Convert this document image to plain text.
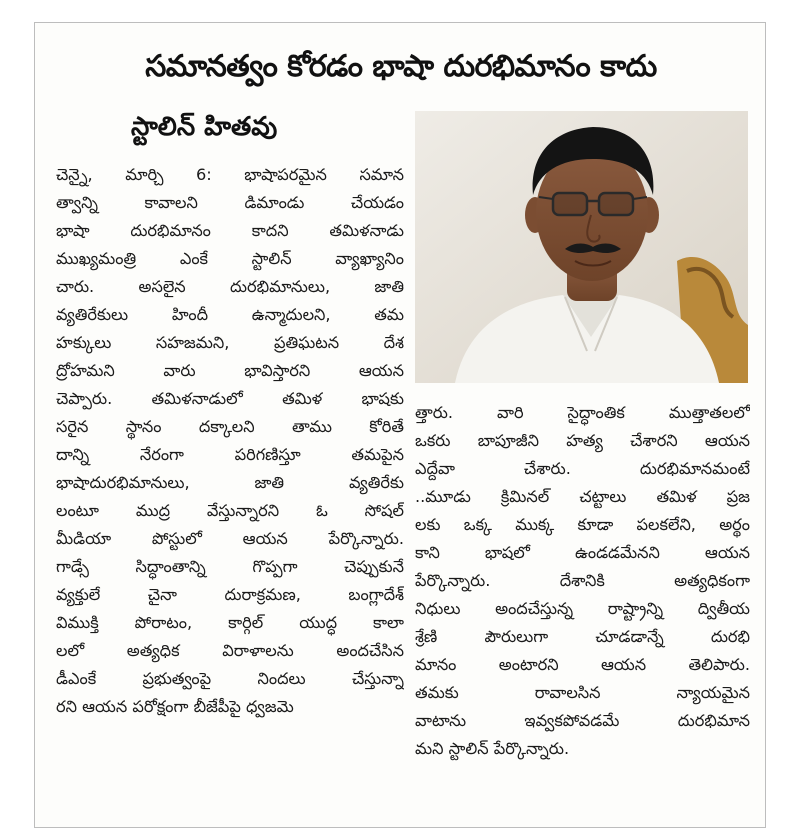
సమానత్వం కోరడం భాషా దురభిమానం కాదు
స్టాలిన్ హితవు
చెన్నై, మార్చి 6: భాషాపరమైన సమాన
త్వాన్ని కావాలని డిమాండు చేయడం
భాషా దురభిమానం కాదని తమిళనాడు
ముఖ్యమంత్రి ఎంకే స్టాలిన్ వ్యాఖ్యానిం
చారు. అసలైన దురభిమానులు, జాతి
వ్యతిరేకులు హిందీ ఉన్మాదులని, తమ
హక్కులు సహజమని, ప్రతిఘటన దేశ
ద్రోహమని వారు భావిస్తారని ఆయన
చెప్పారు. తమిళనాడులో తమిళ భాషకు
సరైన స్థానం దక్కాలని తాము కోరితే
దాన్ని నేరంగా పరిగణిస్తూ తమపైన
భాషాదురభిమానులు, జాతి వ్యతిరేకు
లంటూ ముద్ర వేస్తున్నారని ఓ సోషల్
మీడియా పోస్టులో ఆయన పేర్కొన్నారు.
గాడ్సే సిద్ధాంతాన్ని గొప్పగా చెప్పుకునే
వ్యక్తులే చైనా దురాక్రమణ, బంగ్లాదేశ్
విముక్తి పోరాటం, కార్గిల్ యుద్ధ కాలా
లలో అత్యధిక విరాళాలను అందచేసిన
డీఎంకే ప్రభుత్వంపై నిందలు చేస్తున్నా
రని ఆయన పరోక్షంగా బీజేపీపై ధ్వజమె
త్తారు. వారి సైద్ధాంతిక ముత్తాతలలో
ఒకరు బాపూజీని హత్య చేశారని ఆయన
ఎద్దేవా చేశారు. దురభిమానమంటే
..మూడు క్రిమినల్ చట్టాలు తమిళ ప్రజ
లకు ఒక్క ముక్క కూడా పలకలేని, అర్థం
కాని భాషలో ఉండడమేనని ఆయన
పేర్కొన్నారు. దేశానికి అత్యధికంగా
నిధులు అందచేస్తున్న రాష్ట్రాన్ని ద్వితీయ
శ్రేణి పౌరులుగా చూడడాన్నే దురభి
మానం అంటారని ఆయన తెలిపారు.
తమకు రావాలసిన న్యాయమైన
వాటాను ఇవ్వకపోవడమే దురభిమాన
మని స్టాలిన్ పేర్కొన్నారు.
